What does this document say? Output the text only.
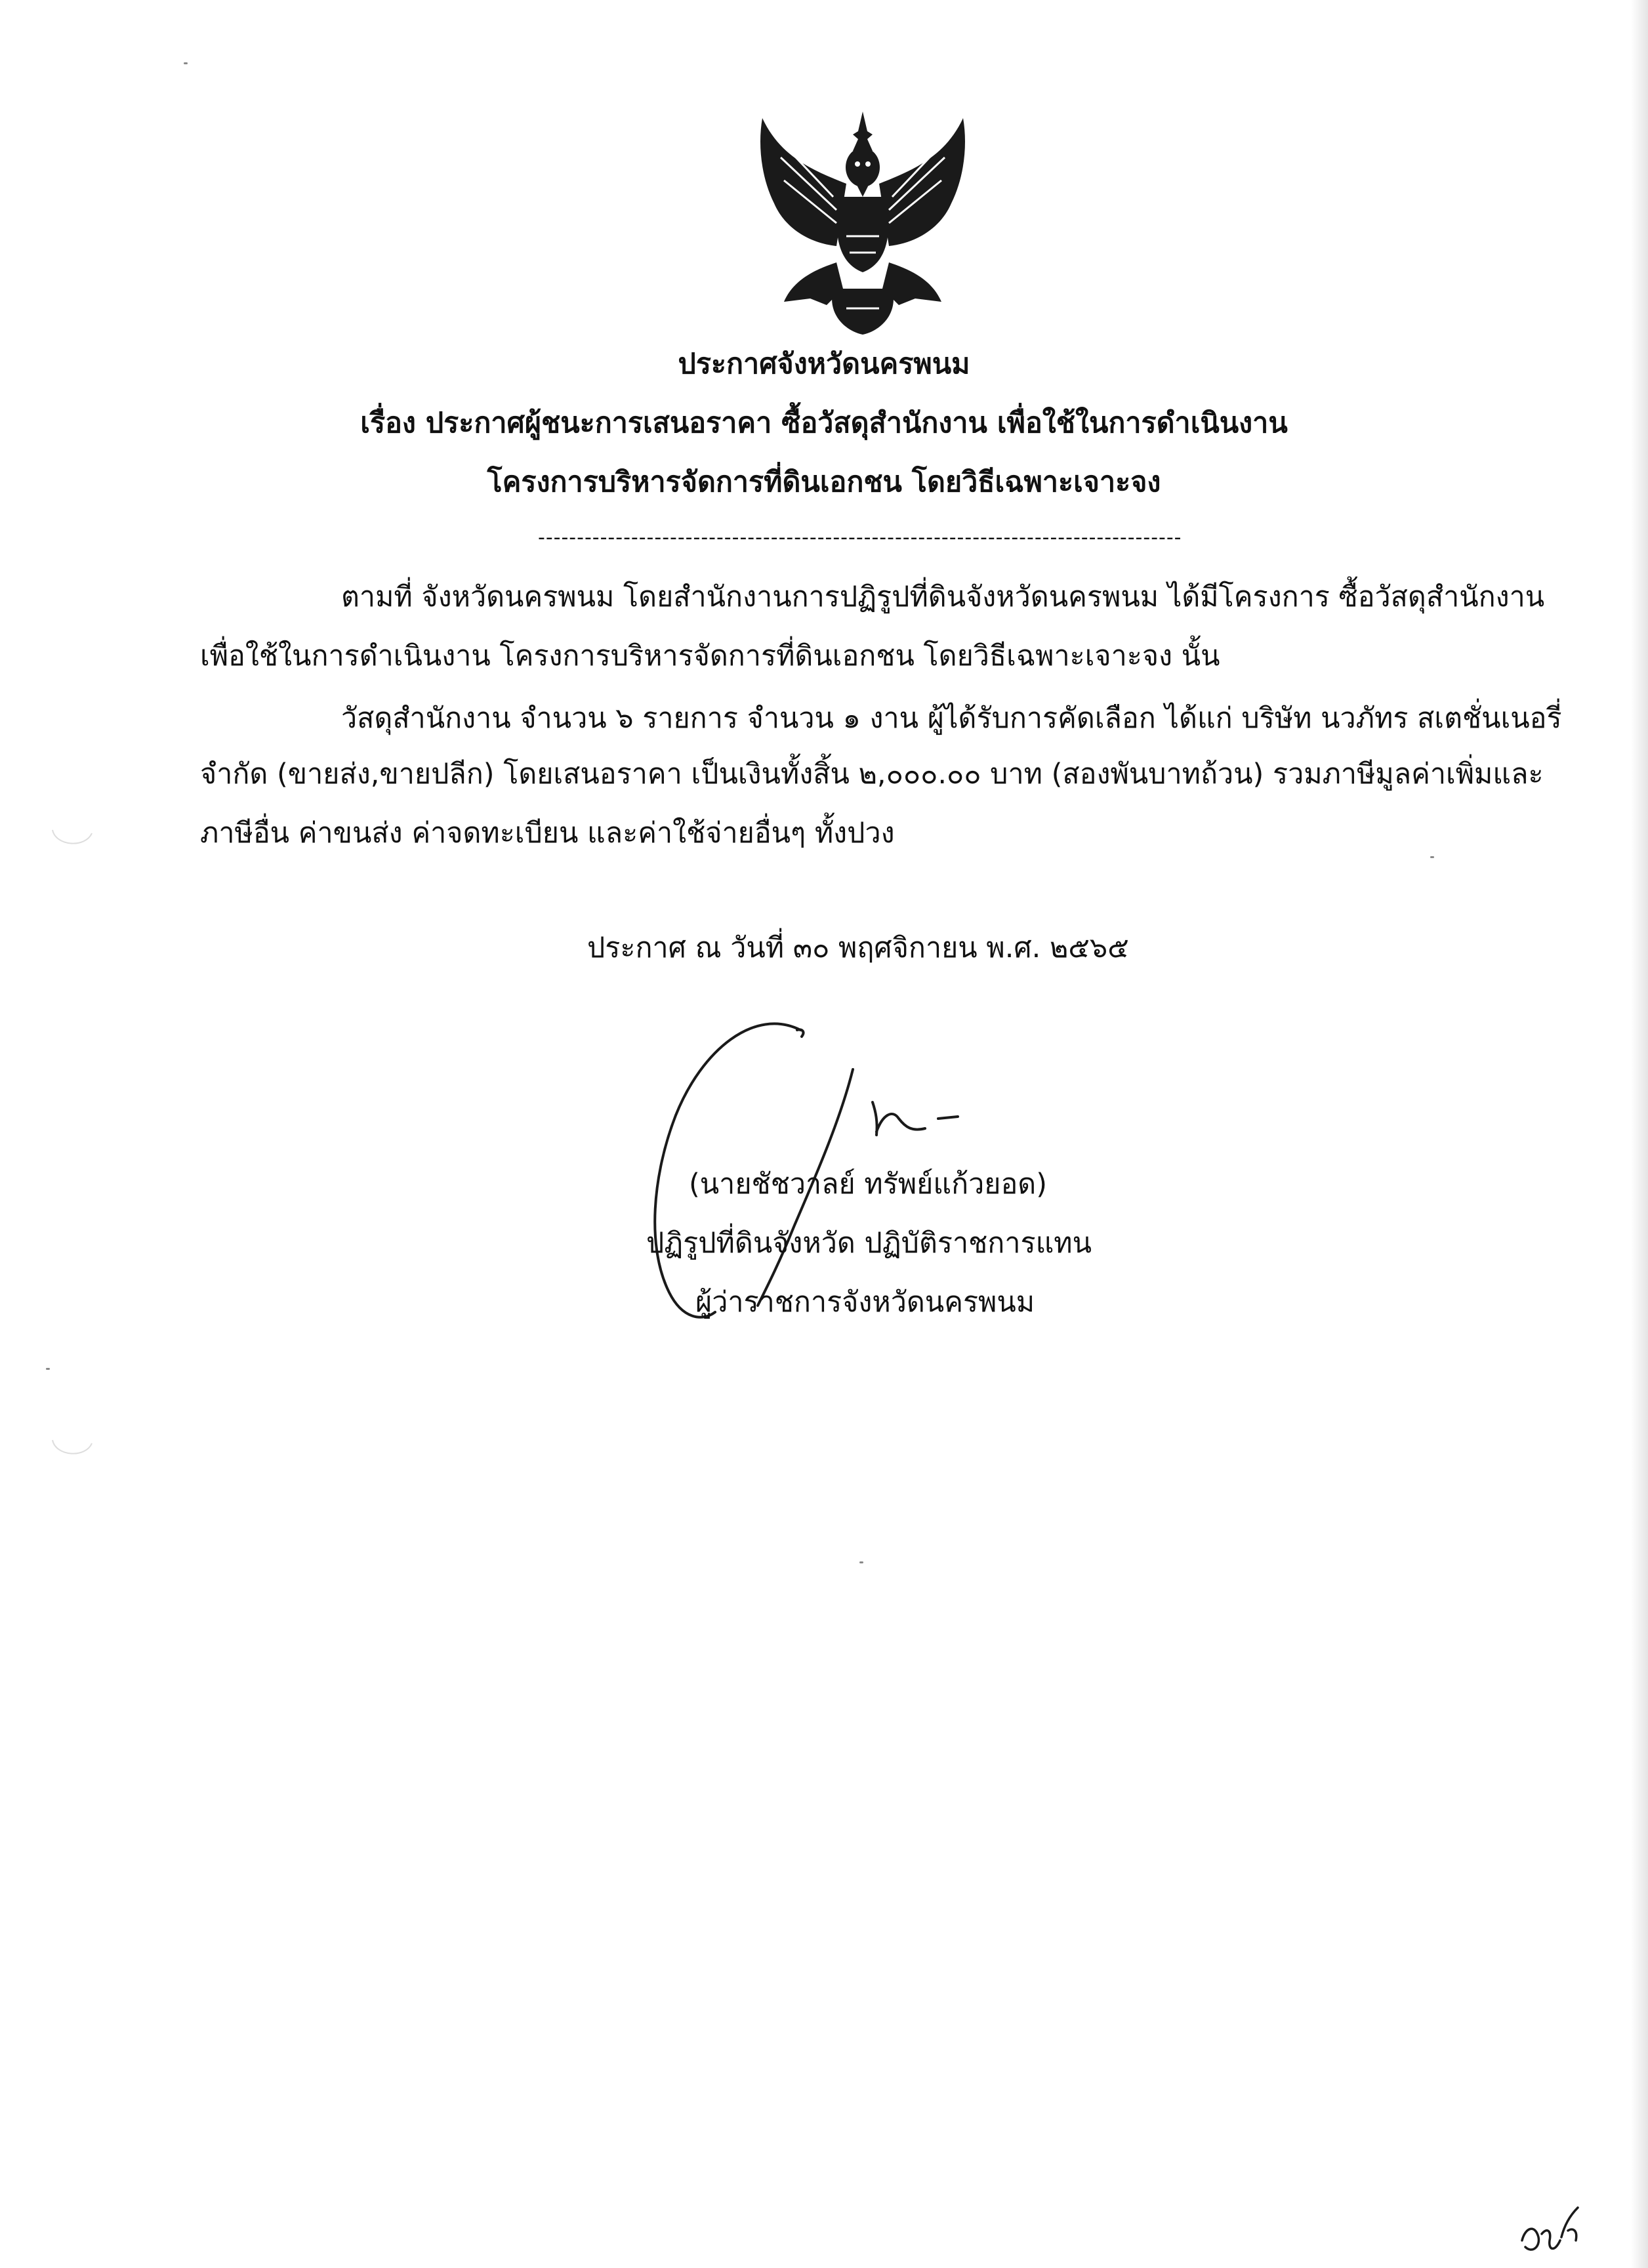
ประกาศจังหวัดนครพนม
เรื่อง ประกาศผู้ชนะการเสนอราคา ซื้อวัสดุสำนักงาน เพื่อใช้ในการดำเนินงาน
โครงการบริหารจัดการที่ดินเอกชน โดยวิธีเฉพาะเจาะจง
-----------------------------------------------------------------------------------
ตามที่ จังหวัดนครพนม โดยสำนักงานการปฏิรูปที่ดินจังหวัดนครพนม ได้มีโครงการ ซื้อวัสดุสำนักงาน
เพื่อใช้ในการดำเนินงาน โครงการบริหารจัดการที่ดินเอกชน โดยวิธีเฉพาะเจาะจง นั้น
วัสดุสำนักงาน จำนวน ๖ รายการ จำนวน ๑ งาน ผู้ได้รับการคัดเลือก ได้แก่ บริษัท นวภัทร สเตชั่นเนอรี่
จำกัด (ขายส่ง,ขายปลีก) โดยเสนอราคา เป็นเงินทั้งสิ้น ๒,๐๐๐.๐๐ บาท (สองพันบาทถ้วน) รวมภาษีมูลค่าเพิ่มและ
ภาษีอื่น ค่าขนส่ง ค่าจดทะเบียน และค่าใช้จ่ายอื่นๆ ทั้งปวง
ประกาศ ณ วันที่ ๓๐ พฤศจิกายน พ.ศ. ๒๕๖๕
(นายชัชวาลย์ ทรัพย์แก้วยอด)
ปฏิรูปที่ดินจังหวัด ปฏิบัติราชการแทน
ผู้ว่าราชการจังหวัดนครพนม
